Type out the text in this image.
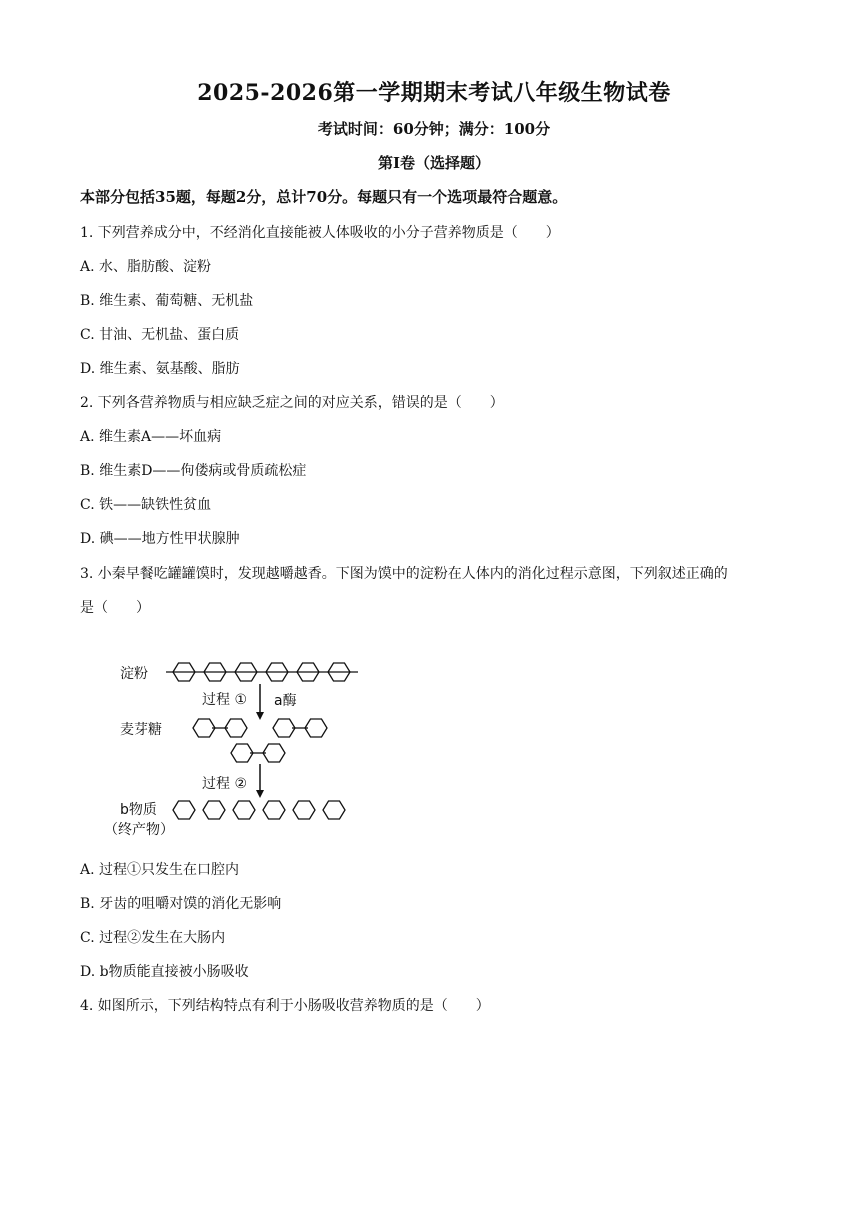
2025-2026第一学期期末考试八年级生物试卷
考试时间：60分钟；满分：100分
第Ⅰ卷（选择题）
本部分包括35题，每题2分，总计70分。每题只有一个选项最符合题意。
1. 下列营养成分中，不经消化直接能被人体吸收的小分子营养物质是（　　）
A. 水、脂肪酸、淀粉
B. 维生素、葡萄糖、无机盐
C. 甘油、无机盐、蛋白质
D. 维生素、氨基酸、脂肪
2. 下列各营养物质与相应缺乏症之间的对应关系，错误的是（　　）
A. 维生素A——坏血病
B. 维生素D——佝偻病或骨质疏松症
C. 铁——缺铁性贫血
D. 碘——地方性甲状腺肿
3. 小秦早餐吃罐罐馍时，发现越嚼越香。下图为馍中的淀粉在人体内的消化过程示意图，下列叙述正确的
是（　　）
淀粉
过程 ① a酶
麦芽糖
过程 ②
b物质
（终产物）
A. 过程①只发生在口腔内
B. 牙齿的咀嚼对馍的消化无影响
C. 过程②发生在大肠内
D. b物质能直接被小肠吸收
4. 如图所示，下列结构特点有利于小肠吸收营养物质的是（　　）
